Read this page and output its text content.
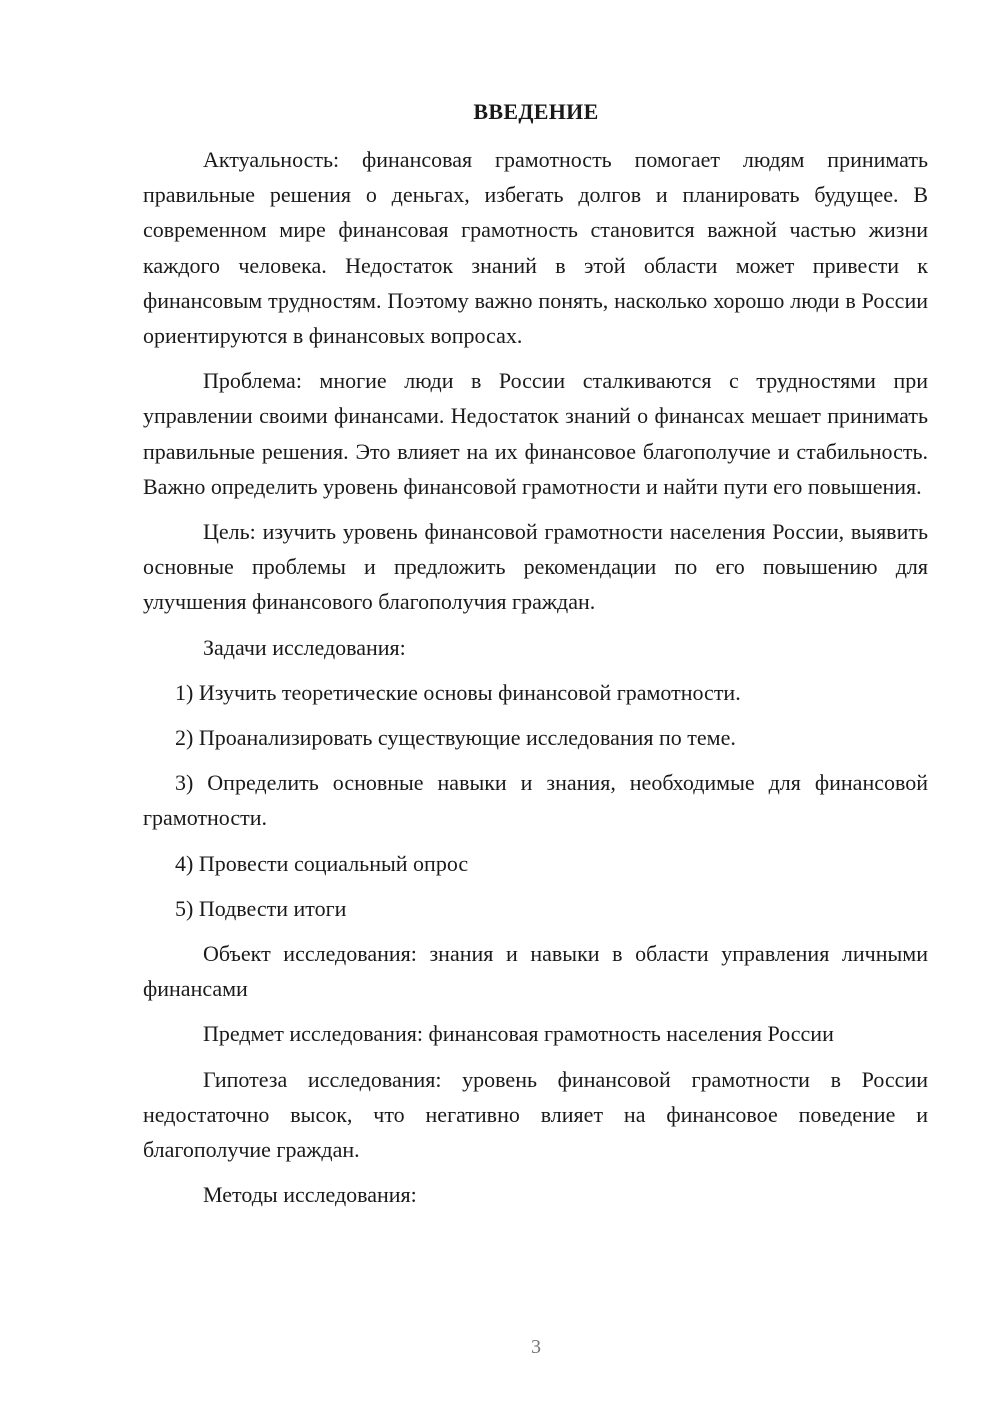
ВВЕДЕНИЕ

Актуальность: финансовая грамотность помогает людям принимать правильные решения о деньгах, избегать долгов и планировать будущее. В современном мире финансовая грамотность становится важной частью жизни каждого человека. Недостаток знаний в этой области может привести к финансовым трудностям. Поэтому важно понять, насколько хорошо люди в России ориентируются в финансовых вопросах.

Проблема: многие люди в России сталкиваются с трудностями при управлении своими финансами. Недостаток знаний о финансах мешает принимать правильные решения. Это влияет на их финансовое благополучие и стабильность. Важно определить уровень финансовой грамотности и найти пути его повышения.

Цель: изучить уровень финансовой грамотности населения России, выявить основные проблемы и предложить рекомендации по его повышению для улучшения финансового благополучия граждан.

Задачи исследования:

1) Изучить теоретические основы финансовой грамотности.

2) Проанализировать существующие исследования по теме.

3) Определить основные навыки и знания, необходимые для финансовой грамотности.

4) Провести социальный опрос

5) Подвести итоги

Объект исследования: знания и навыки в области управления личными финансами

Предмет исследования: финансовая грамотность населения России

Гипотеза исследования: уровень финансовой грамотности в России недостаточно высок, что негативно влияет на финансовое поведение и благополучие граждан.

Методы исследования:

3
